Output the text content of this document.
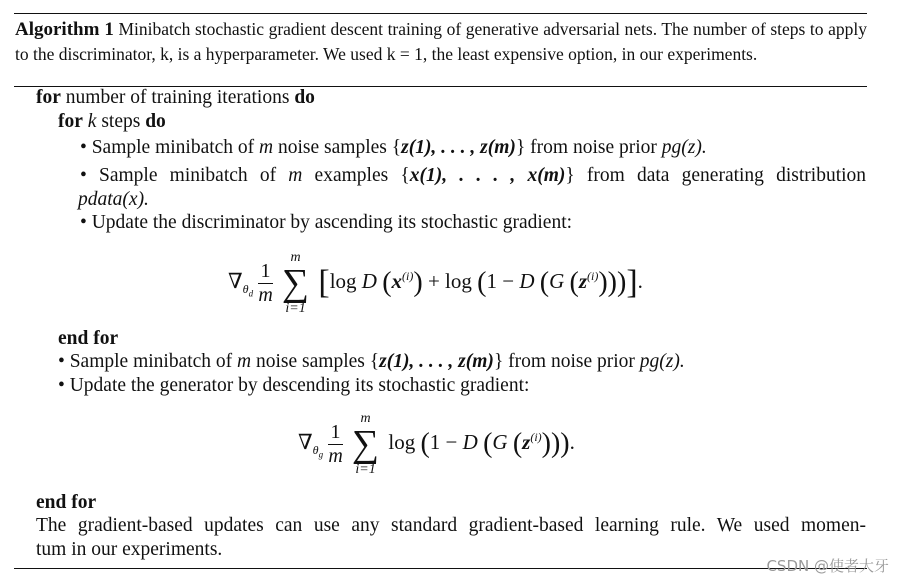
Algorithm 1 Minibatch stochastic gradient descent training of generative adversarial nets. The number of steps to apply to the discriminator, k, is a hyperparameter. We used k = 1, the least expensive option, in our experiments.
for number of training iterations do
for k steps do
• Sample minibatch of m noise samples {z(1), . . . , z(m)} from noise prior pg(z).
• Sample minibatch of m examples {x(1), . . . , x(m)} from data generating distribution
pdata(x).
• Update the discriminator by ascending its stochastic gradient:
$\nabla_{\theta_d} \frac{1}{m}$

m
∑
i=1
[log D $(x^{(i)}) + \log (1 - D$ (G $(z^{(i)})$))].
end for
• Sample minibatch of m noise samples {z(1), . . . , z(m)} from noise prior pg(z).
• Update the generator by descending its stochastic gradient:
$\nabla_{\theta_g} \frac{1}{m}$

m
∑
i=1
log (1 − D (G $(z^{(i)})$)).
end for
The gradient-based updates can use any standard gradient-based learning rule. We used momen-
tum in our experiments.
CSDN @使者大牙
